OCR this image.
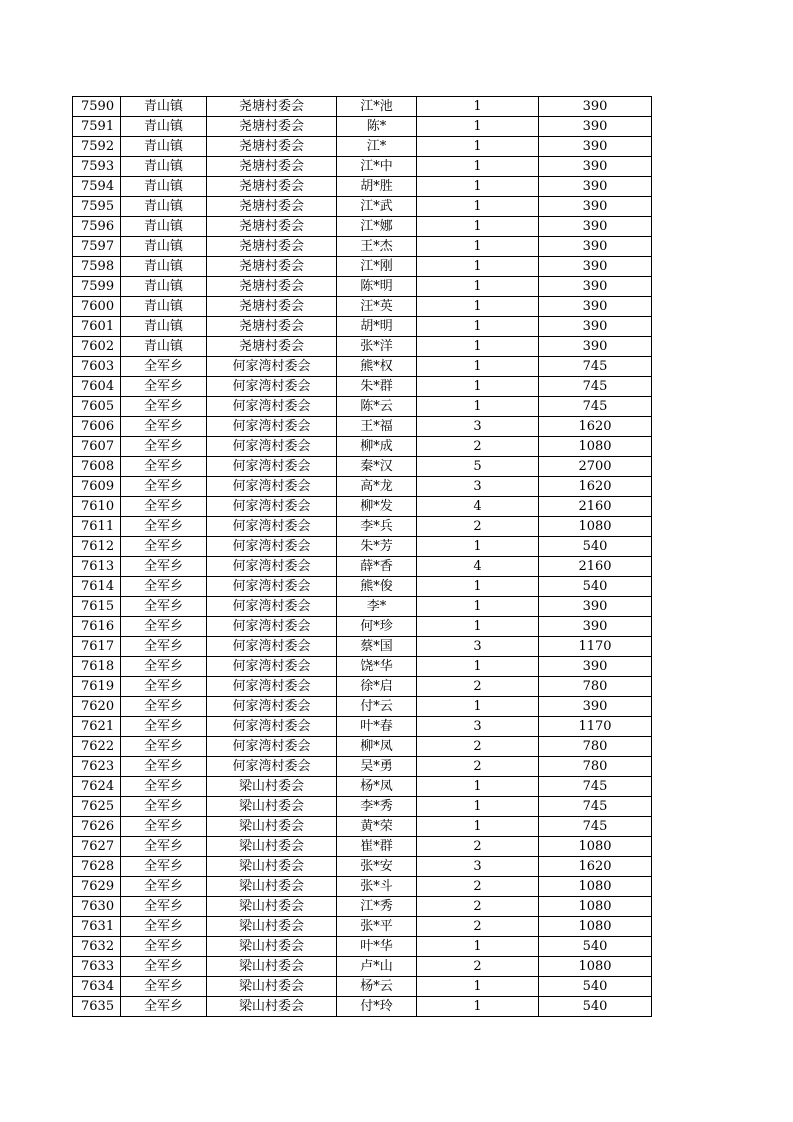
7590	青山镇	尧塘村委会	江*池	1	390
7591	青山镇	尧塘村委会	陈*	1	390
7592	青山镇	尧塘村委会	江*	1	390
7593	青山镇	尧塘村委会	江*中	1	390
7594	青山镇	尧塘村委会	胡*胜	1	390
7595	青山镇	尧塘村委会	江*武	1	390
7596	青山镇	尧塘村委会	江*娜	1	390
7597	青山镇	尧塘村委会	王*杰	1	390
7598	青山镇	尧塘村委会	江*刚	1	390
7599	青山镇	尧塘村委会	陈*明	1	390
7600	青山镇	尧塘村委会	汪*英	1	390
7601	青山镇	尧塘村委会	胡*明	1	390
7602	青山镇	尧塘村委会	张*洋	1	390
7603	全军乡	何家湾村委会	熊*权	1	745
7604	全军乡	何家湾村委会	朱*群	1	745
7605	全军乡	何家湾村委会	陈*云	1	745
7606	全军乡	何家湾村委会	王*福	3	1620
7607	全军乡	何家湾村委会	柳*成	2	1080
7608	全军乡	何家湾村委会	秦*汉	5	2700
7609	全军乡	何家湾村委会	高*龙	3	1620
7610	全军乡	何家湾村委会	柳*发	4	2160
7611	全军乡	何家湾村委会	李*兵	2	1080
7612	全军乡	何家湾村委会	朱*芳	1	540
7613	全军乡	何家湾村委会	薛*香	4	2160
7614	全军乡	何家湾村委会	熊*俊	1	540
7615	全军乡	何家湾村委会	李*	1	390
7616	全军乡	何家湾村委会	何*珍	1	390
7617	全军乡	何家湾村委会	蔡*国	3	1170
7618	全军乡	何家湾村委会	饶*华	1	390
7619	全军乡	何家湾村委会	徐*启	2	780
7620	全军乡	何家湾村委会	付*云	1	390
7621	全军乡	何家湾村委会	叶*春	3	1170
7622	全军乡	何家湾村委会	柳*凤	2	780
7623	全军乡	何家湾村委会	吴*勇	2	780
7624	全军乡	梁山村委会	杨*凤	1	745
7625	全军乡	梁山村委会	李*秀	1	745
7626	全军乡	梁山村委会	黄*荣	1	745
7627	全军乡	梁山村委会	崔*群	2	1080
7628	全军乡	梁山村委会	张*安	3	1620
7629	全军乡	梁山村委会	张*斗	2	1080
7630	全军乡	梁山村委会	江*秀	2	1080
7631	全军乡	梁山村委会	张*平	2	1080
7632	全军乡	梁山村委会	叶*华	1	540
7633	全军乡	梁山村委会	卢*山	2	1080
7634	全军乡	梁山村委会	杨*云	1	540
7635	全军乡	梁山村委会	付*玲	1	540
